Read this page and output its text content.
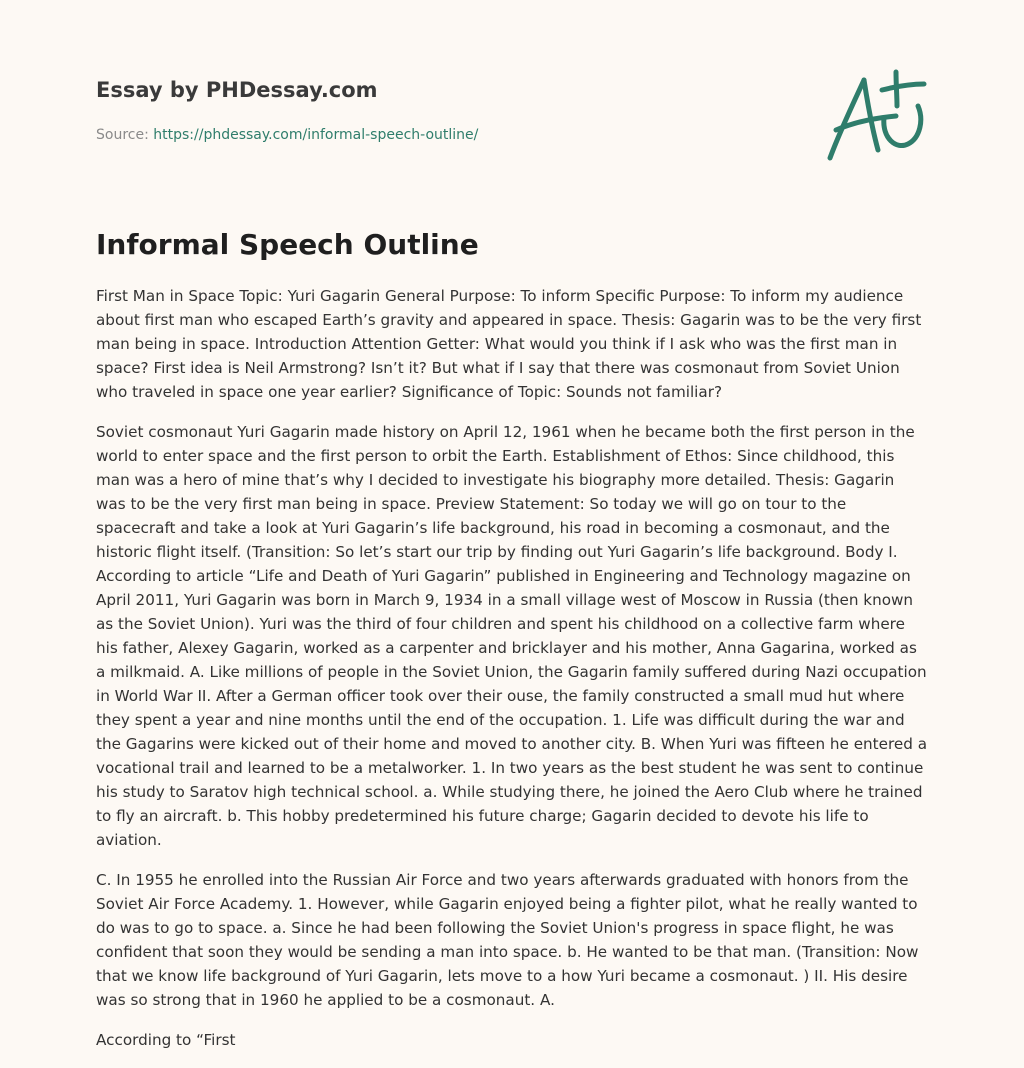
Essay by PHDessay.com
Source: https://phdessay.com/informal-speech-outline/
Informal Speech Outline

First Man in Space Topic: Yuri Gagarin General Purpose: To inform Specific Purpose: To inform my audience about first man who escaped Earth’s gravity and appeared in space. Thesis: Gagarin was to be the very first man being in space. Introduction Attention Getter: What would you think if I ask who was the first man in space? First idea is Neil Armstrong? Isn’t it? But what if I say that there was cosmonaut from Soviet Union who traveled in space one year earlier? Significance of Topic: Sounds not familiar?

Soviet cosmonaut Yuri Gagarin made history on April 12, 1961 when he became both the first person in the world to enter space and the first person to orbit the Earth. Establishment of Ethos: Since childhood, this man was a hero of mine that’s why I decided to investigate his biography more detailed. Thesis: Gagarin was to be the very first man being in space. Preview Statement: So today we will go on tour to the spacecraft and take a look at Yuri Gagarin’s life background, his road in becoming a cosmonaut, and the historic flight itself. (Transition: So let’s start our trip by finding out Yuri Gagarin’s life background. Body I. According to article “Life and Death of Yuri Gagarin” published in Engineering and Technology magazine on April 2011, Yuri Gagarin was born in March 9, 1934 in a small village west of Moscow in Russia (then known as the Soviet Union). Yuri was the third of four children and spent his childhood on a collective farm where his father, Alexey Gagarin, worked as a carpenter and bricklayer and his mother, Anna Gagarina, worked as a milkmaid. A. Like millions of people in the Soviet Union, the Gagarin family suffered during Nazi occupation in World War II. After a German officer took over their ouse, the family constructed a small mud hut where they spent a year and nine months until the end of the occupation. 1. Life was difficult during the war and the Gagarins were kicked out of their home and moved to another city. B. When Yuri was fifteen he entered a vocational trail and learned to be a metalworker. 1. In two years as the best student he was sent to continue his study to Saratov high technical school. a. While studying there, he joined the Aero Club where he trained to fly an aircraft. b. This hobby predetermined his future charge; Gagarin decided to devote his life to aviation.

C. In 1955 he enrolled into the Russian Air Force and two years afterwards graduated with honors from the Soviet Air Force Academy. 1. However, while Gagarin enjoyed being a fighter pilot, what he really wanted to do was to go to space. a. Since he had been following the Soviet Union's progress in space flight, he was confident that soon they would be sending a man into space. b. He wanted to be that man. (Transition: Now that we know life background of Yuri Gagarin, lets move to a how Yuri became a cosmonaut. ) II. His desire was so strong that in 1960 he applied to be a cosmonaut. A.

According to “First
